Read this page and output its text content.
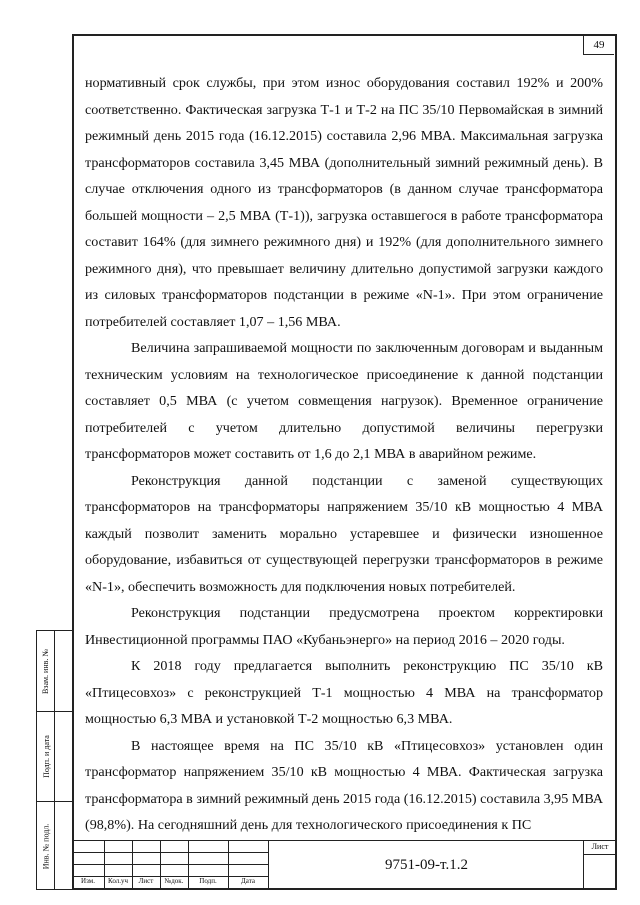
49

нормативный срок службы, при этом износ оборудования составил 192% и 200% соответственно. Фактическая загрузка Т-1 и Т-2 на ПС 35/10 Первомайская в зимний режимный день 2015 года (16.12.2015) составила 2,96 МВА. Максимальная загрузка трансформаторов составила 3,45 МВА (дополнительный зимний режимный день). В случае отключения одного из трансформаторов (в данном случае трансформатора большей мощности – 2,5 МВА (Т-1)), загрузка оставшегося в работе трансформатора составит 164% (для зимнего режимного дня) и 192% (для дополнительного зимнего режимного дня), что превышает величину длительно допустимой загрузки каждого из силовых трансформаторов подстанции в режиме «N-1». При этом ограничение потребителей составляет 1,07 – 1,56 МВА.

Величина запрашиваемой мощности по заключенным договорам и выданным техническим условиям на технологическое присоединение к данной подстанции составляет 0,5 МВА (с учетом совмещения нагрузок). Временное ограничение потребителей с учетом длительно допустимой величины перегрузки трансформаторов может составить от 1,6 до 2,1 МВА в аварийном режиме.

Реконструкция данной подстанции с заменой существующих трансформаторов на трансформаторы напряжением 35/10 кВ мощностью 4 МВА каждый позволит заменить морально устаревшее и физически изношенное оборудование, избавиться от существующей перегрузки трансформаторов в режиме «N-1», обеспечить возможность для подключения новых потребителей.

Реконструкция подстанции предусмотрена проектом корректировки Инвестиционной программы ПАО «Кубаньэнерго» на период 2016 – 2020 годы.

К 2018 году предлагается выполнить реконструкцию ПС 35/10 кВ «Птицесовхоз» с реконструкцией Т-1 мощностью 4 МВА на трансформатор мощностью 6,3 МВА и установкой Т-2 мощностью 6,3 МВА.

В настоящее время на ПС 35/10 кВ «Птицесовхоз» установлен один трансформатор напряжением 35/10 кВ мощностью 4 МВА. Фактическая загрузка трансформатора в зимний режимный день 2015 года (16.12.2015) составила 3,95 МВА (98,8%). На сегодняшний день для технологического присоединения к ПС

Взам. инв. №
Подп. и дата
Инв. № подл.
Изм.	Кол.уч	Лист	№док.	Подп.	Дата
9751-09-т.1.2
Лист
